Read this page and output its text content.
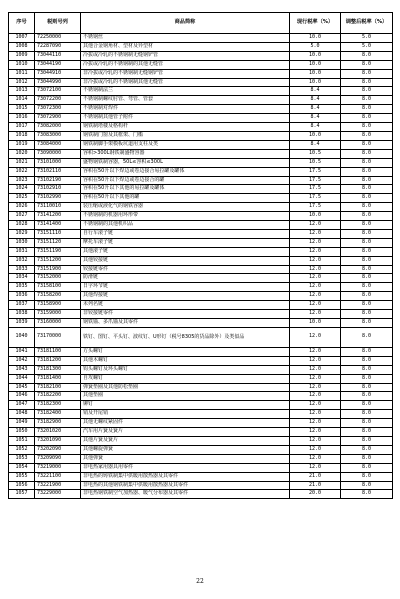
序号	税则号列	商品简称	现行税率（%）	调整后税率（%）
1007	72250000	不锈钢丝	10.0	5.0
1008	72287090	其他合金钢角材、型材及异型材	5.0	5.0
1009	73044110	冷拔或冷轧的不锈钢制无缝钢铲管	10.0	8.0
1010	73044190	冷拔或冷轧的不锈钢制的其他无缝管	10.0	8.0
1011	73044910	非冷拔或冷轧的不锈钢制无缝钢铲管	10.0	8.0
1012	73044990	非冷拔或冷轧的不锈钢制其他无缝管	10.0	8.0
1013	73072100	不锈钢制法兰	8.4	8.0
1014	73072200	不锈钢制螺纹肘管、弯管、管套	8.4	8.0
1015	73072300	不锈钢制对焊件	8.4	8.0
1016	73072900	不锈钢制其他管子附件	8.4	8.0
1017	73082000	钢铁制塔楼及格构杆	8.4	8.0
1018	73083000	钢铁制门窗及其框架、门槛	10.0	8.0
1019	73084000	钢铁制脚手架模板坑道用支柱及类	8.4	8.0
1020	73090000	容积>300L钢铁制盛物容器	10.5	8.0
1021	73101000	盛物钢铁制容器，50L≤容积≤300L	10.5	8.0
1022	73102110	容积在50升以下焊边或卷边接合易拉罐及罐体	17.5	8.0
1023	73102190	容积在50升以下焊边或卷边接合的罐	17.5	8.0
1024	73102910	容积在50升以下其他的易拉罐及罐体	17.5	8.0
1025	73102990	容积在50升以下其他的罐	17.5	8.0
1026	73110010	装压缩或液化气的钢铁容器	17.5	8.0
1027	73141200	不锈钢制的机器用环形带	10.0	8.0
1028	73141400	不锈钢制的其他机织品	12.0	8.0
1029	73151110	自行车滚子链	12.0	8.0
1030	73151120	摩托车滚子链	12.0	8.0
1031	73151190	其他滚子链	12.0	8.0
1032	73151200	其他铰接链	12.0	8.0
1033	73151900	铰接链零件	12.0	8.0
1034	73152000	防滑链	12.0	8.0
1035	73158100	日字环节链	12.0	8.0
1036	73158200	其他焊接链	12.0	8.0
1037	73158900	未列名链	12.0	8.0
1038	73159000	非铰接链零件	12.0	8.0
1039	73160000	钢铁锚、多爪锚及其零件	10.0	8.0
1040	73170000	铁钉、图钉、平头钉、波纹钉、U形钉（税号8305的货品除外）及类似品	12.0	8.0
1041	73181100	方头螺钉	12.0	8.0
1042	73181200	其他木螺钉	12.0	8.0
1043	73181300	钩头螺钉及环头螺钉	12.0	8.0
1044	73181400	自攻螺钉	12.0	8.0
1045	73182100	弹簧垫圈及其他防松垫圈	12.0	8.0
1046	73182200	其他垫圈	12.0	8.0
1047	73182300	铆钉	12.0	8.0
1048	73182400	销及开尾销	12.0	8.0
1049	73182900	其他无螺纹紧固件	12.0	8.0
1050	73201020	汽车用片簧及簧片	12.0	8.0
1051	73201090	其他片簧及簧片	12.0	8.0
1052	73202090	其他螺旋弹簧	12.0	8.0
1053	73209090	其他弹簧	12.0	8.0
1054	73219000	非电热家用器具用零件	12.0	8.0
1055	73221100	非电热的铸铁制集中供暖用散热器及其零件	21.0	8.0
1056	73221900	非电热的其他钢铁制集中供暖用散热器及其零件	21.0	8.0
1057	73229000	非电热钢铁制空气加热器、暖气分布器及其零件	20.0	8.0
22
